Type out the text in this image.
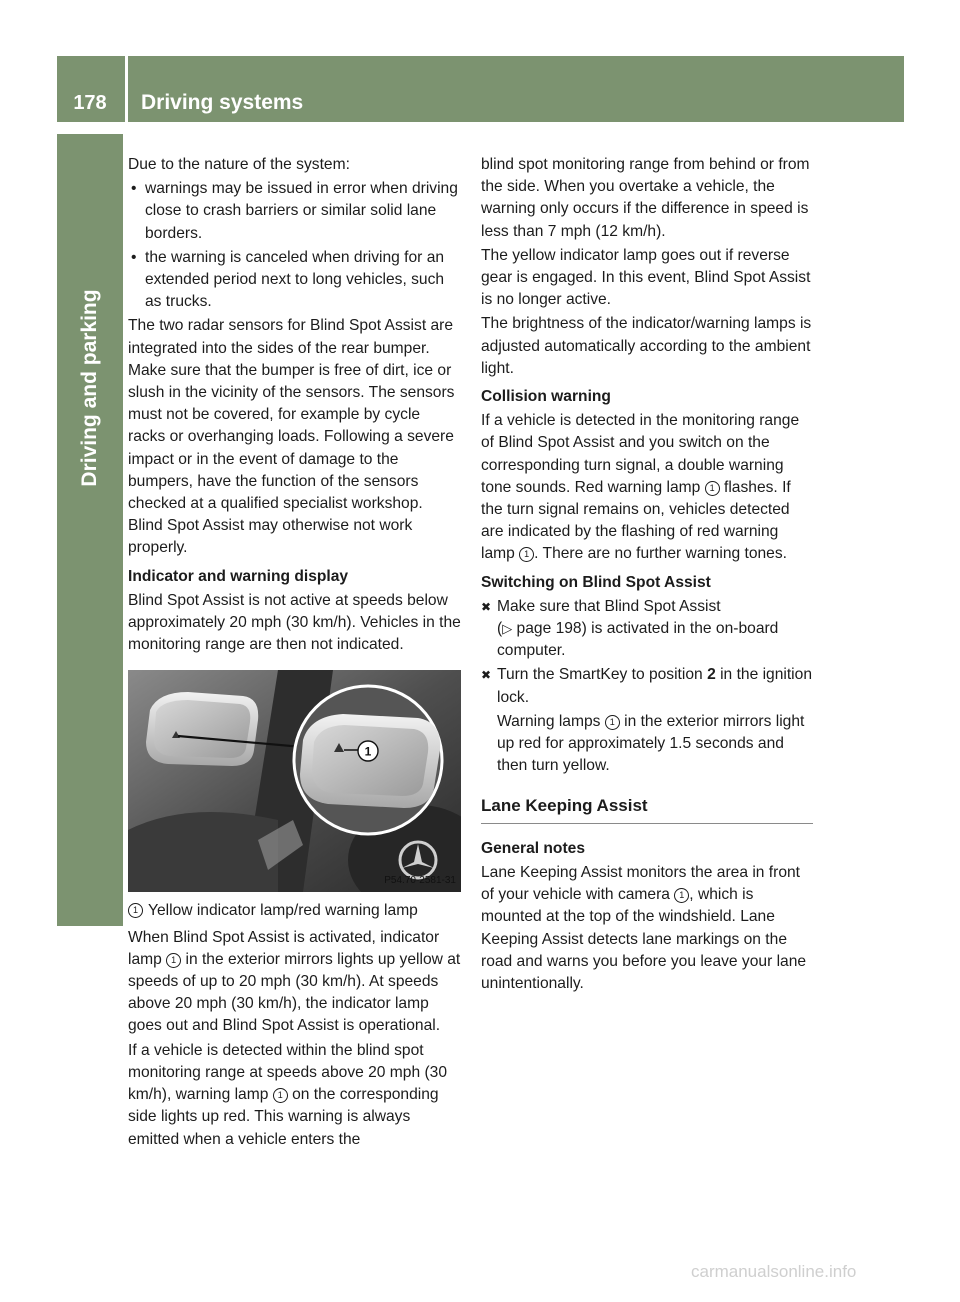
178	Driving systems
Driving and parking

Due to the nature of the system:

• warnings may be issued in error when driving close to crash barriers or similar solid lane borders.
• the warning is canceled when driving for an extended period next to long vehicles, such as trucks.

The two radar sensors for Blind Spot Assist are integrated into the sides of the rear bumper. Make sure that the bumper is free of dirt, ice or slush in the vicinity of the sensors. The sensors must not be covered, for example by cycle racks or overhanging loads. Following a severe impact or in the event of damage to the bumpers, have the function of the sensors checked at a qualified specialist workshop. Blind Spot Assist may otherwise not work properly.

Indicator and warning display

Blind Spot Assist is not active at speeds below approximately 20 mph (30 km/h). Vehicles in the monitoring range are then not indicated.

1
P54.70-2581-31
1 Yellow indicator lamp/red warning lamp

When Blind Spot Assist is activated, indicator lamp 1 in the exterior mirrors lights up yellow at speeds of up to 20 mph (30 km/h). At speeds above 20 mph (30 km/h), the indicator lamp goes out and Blind Spot Assist is operational.

If a vehicle is detected within the blind spot monitoring range at speeds above 20 mph (30 km/h), warning lamp 1 on the corresponding side lights up red. This warning is always emitted when a vehicle enters the

blind spot monitoring range from behind or from the side. When you overtake a vehicle, the warning only occurs if the difference in speed is less than 7 mph (12 km/h).

The yellow indicator lamp goes out if reverse gear is engaged. In this event, Blind Spot Assist is no longer active.

The brightness of the indicator/warning lamps is adjusted automatically according to the ambient light.

Collision warning

If a vehicle is detected in the monitoring range of Blind Spot Assist and you switch on the corresponding turn signal, a double warning tone sounds. Red warning lamp 1 flashes. If the turn signal remains on, vehicles detected are indicated by the flashing of red warning lamp 1 . There are no further warning tones.

Switching on Blind Spot Assist

✖ Make sure that Blind Spot Assist
(▷ page 198) is activated in the on-board computer.
✖ Turn the SmartKey to position 2 in the ignition lock.
Warning lamps 1 in the exterior mirrors light up red for approximately 1.5 seconds and then turn yellow.
Lane Keeping Assist

General notes

Lane Keeping Assist monitors the area in front of your vehicle with camera 1 , which is mounted at the top of the windshield. Lane Keeping Assist detects lane markings on the road and warns you before you leave your lane unintentionally.

carmanualsonline.info
